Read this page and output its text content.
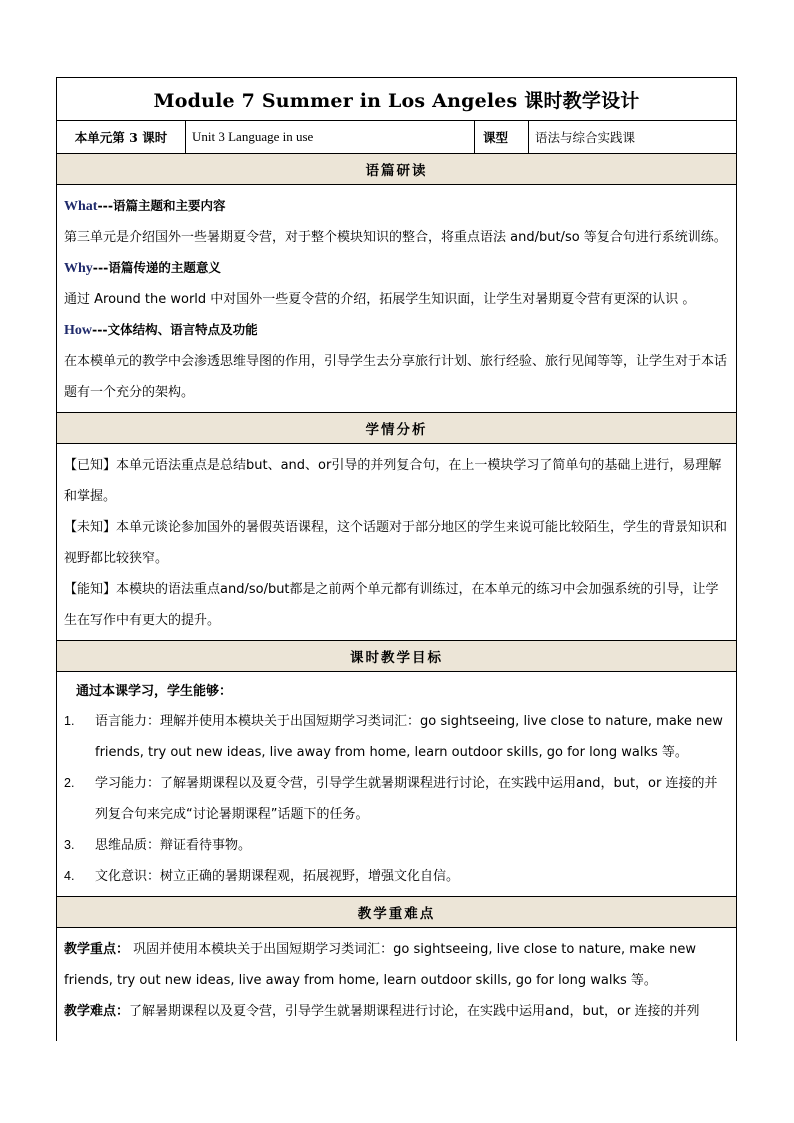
Module 7 Summer in Los Angeles 课时教学设计
本单元第 3 课时	Unit 3 Language in use	课型	语法与综合实践课
语篇研读
What---语篇主题和主要内容
第三单元是介绍国外一些暑期夏令营，对于整个模块知识的整合，将重点语法 and/but/so 等复合句进行系统训练。
Why---语篇传递的主题意义
通过 Around the world 中对国外一些夏令营的介绍，拓展学生知识面，让学生对暑期夏令营有更深的认识 。
How---文体结构、语言特点及功能
在本模单元的教学中会渗透思维导图的作用，引导学生去分享旅行计划、旅行经验、旅行见闻等等，让学生对于本话题有一个充分的架构。
学情分析
【已知】本单元语法重点是总结but、and、or引导的并列复合句，在上一模块学习了简单句的基础上进行，易理解和掌握。
【未知】本单元谈论参加国外的暑假英语课程，这个话题对于部分地区的学生来说可能比较陌生，学生的背景知识和视野都比较狭窄。
【能知】本模块的语法重点and/so/but都是之前两个单元都有训练过，在本单元的练习中会加强系统的引导，让学生在写作中有更大的提升。
课时教学目标
通过本课学习，学生能够：
1.	语言能力：理解并使用本模块关于出国短期学习类词汇：go sightseeing, live close to nature, make new friends, try out new ideas, live away from home, learn outdoor skills, go for long walks 等。
2.	学习能力：了解暑期课程以及夏令营，引导学生就暑期课程进行讨论，在实践中运用and，but，or 连接的并列复合句来完成“讨论暑期课程”话题下的任务。
3.	思维品质：辩证看待事物。
4.	文化意识：树立正确的暑期课程观，拓展视野，增强文化自信。
教学重难点
教学重点： 巩固并使用本模块关于出国短期学习类词汇：go sightseeing, live close to nature, make new friends, try out new ideas, live away from home, learn outdoor skills, go for long walks 等。
教学难点：了解暑期课程以及夏令营，引导学生就暑期课程进行讨论，在实践中运用and，but，or 连接的并列
